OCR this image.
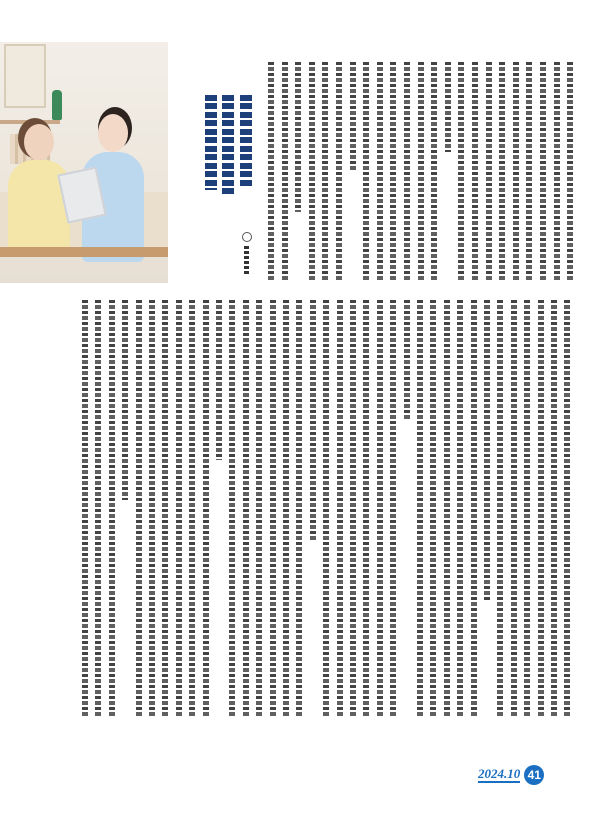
2024.10 41
